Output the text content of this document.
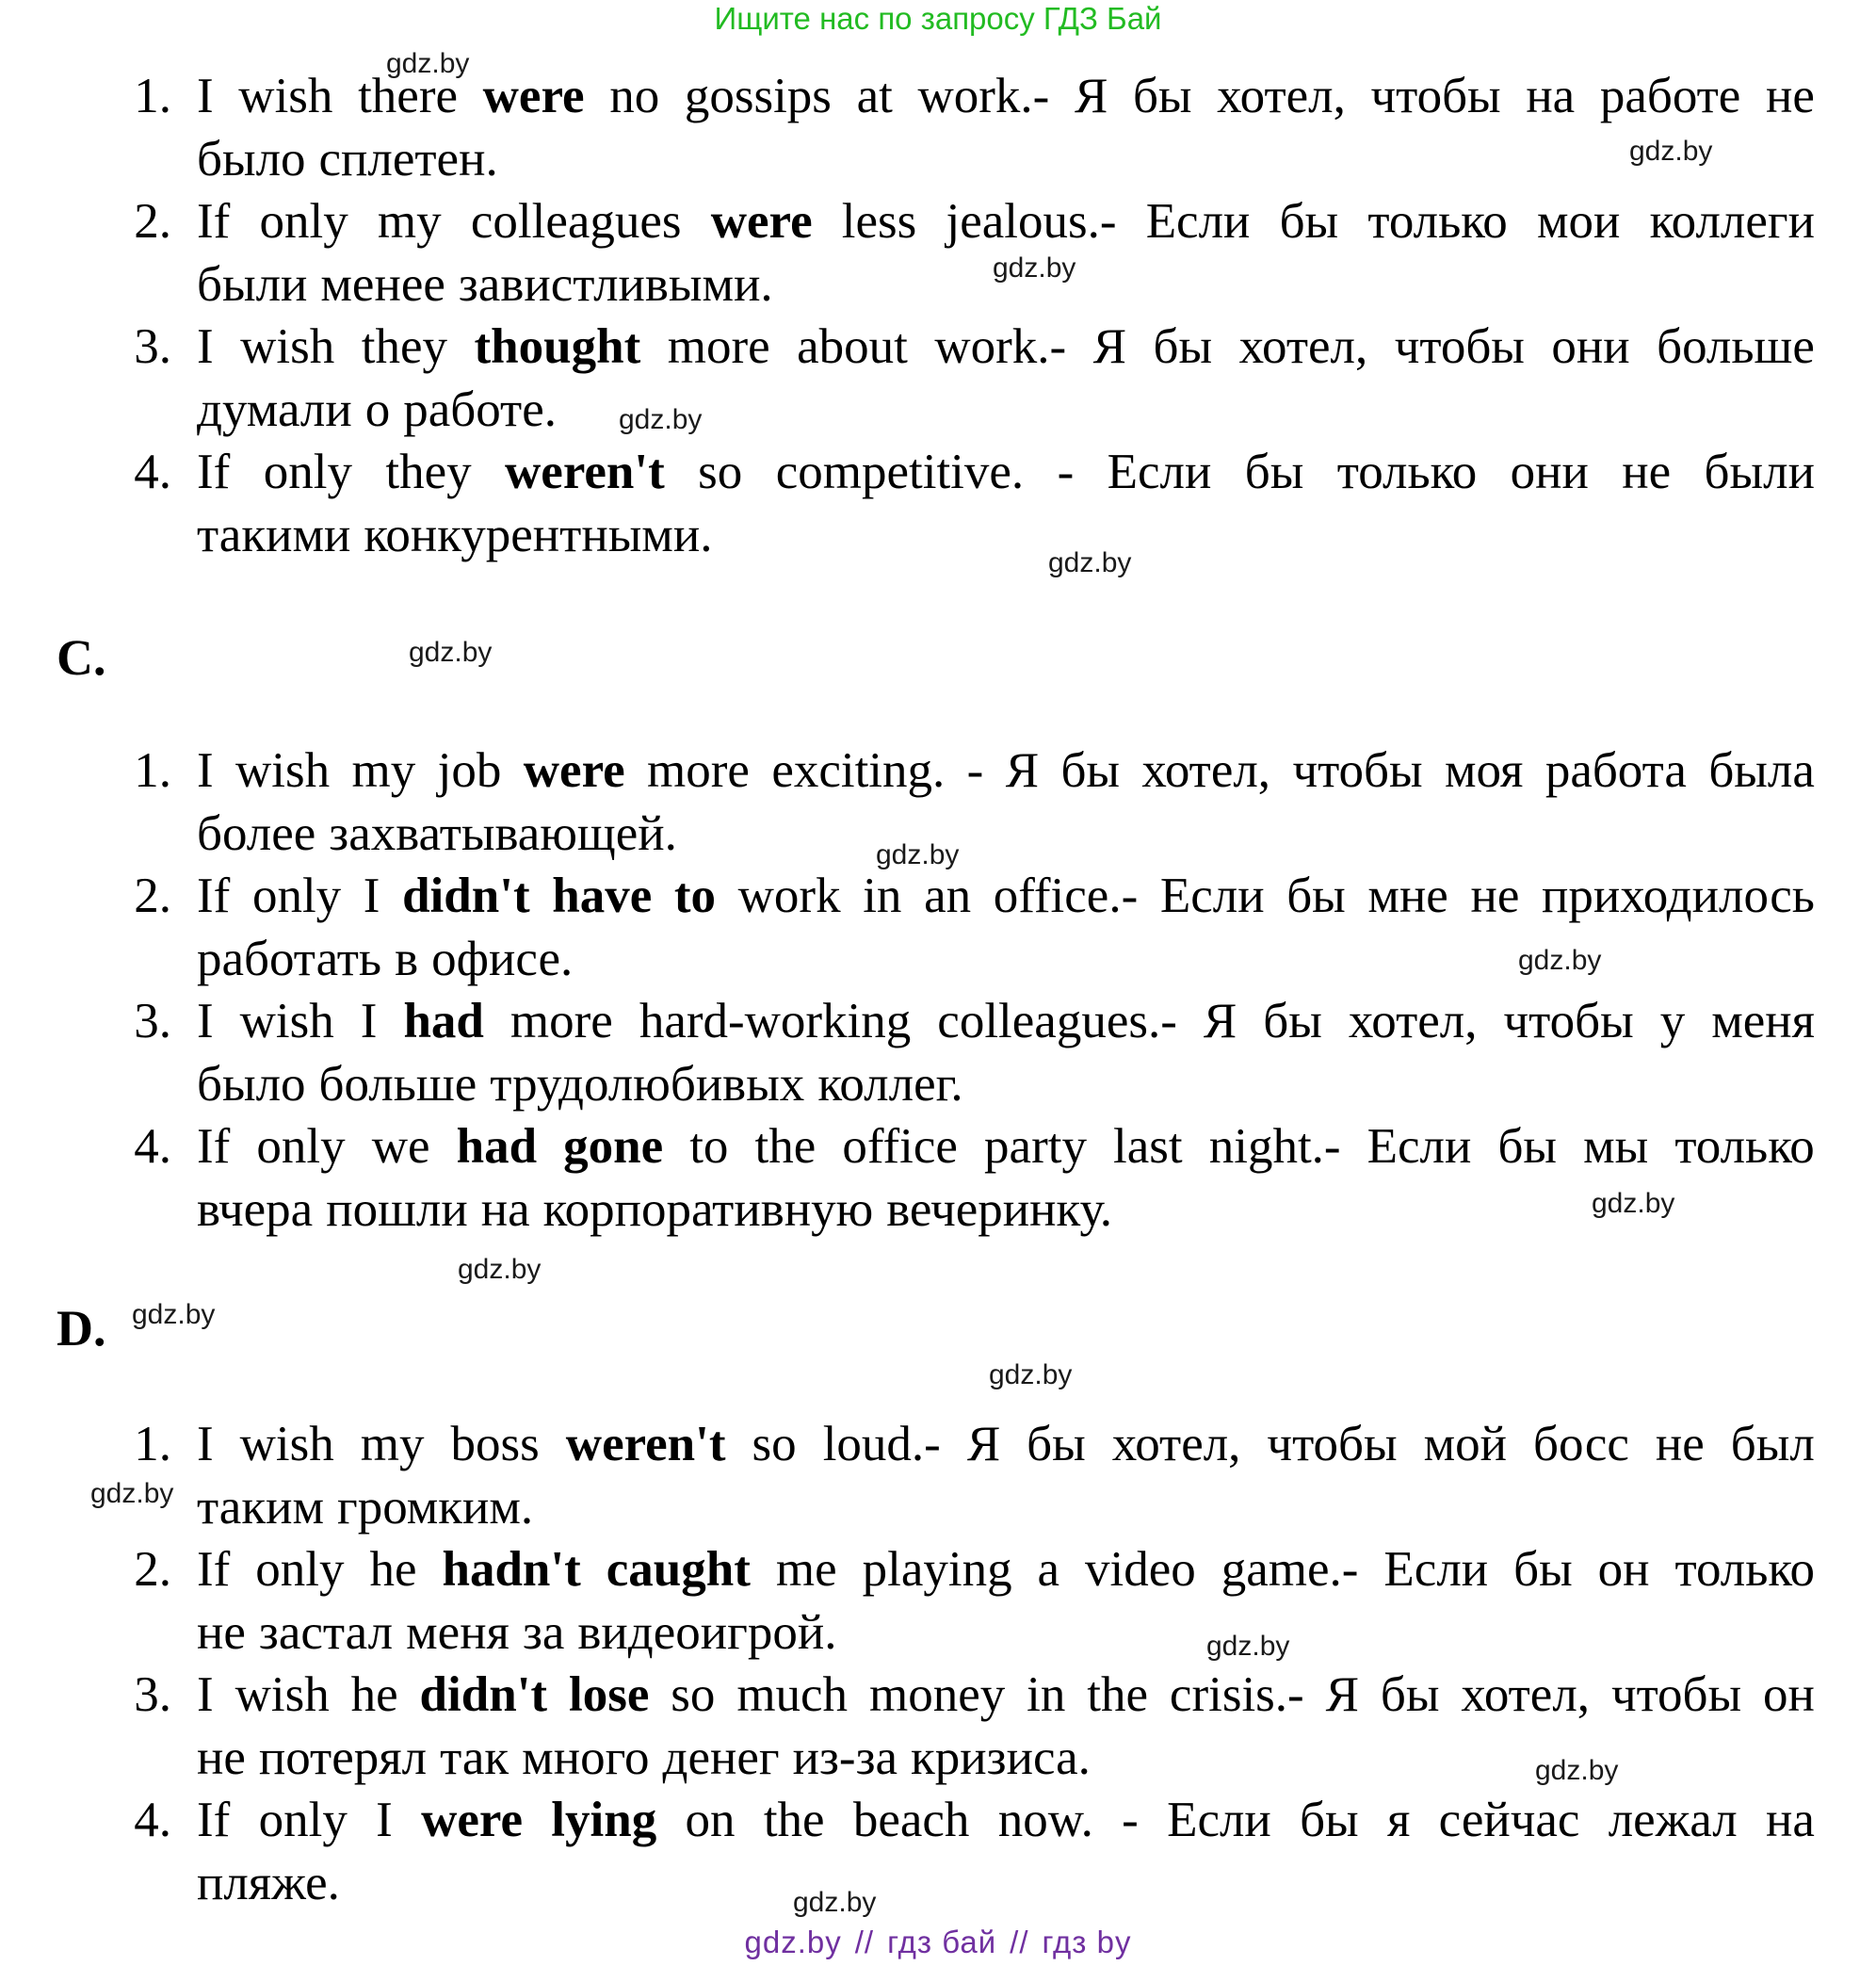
Ищите нас по запросу ГДЗ Бай
C.
D.
1. I wish there were no gossips at work.- Я бы хотел, чтобы на работе не
было сплетен.
2. If only my colleagues were less jealous.- Если бы только мои коллеги
были менее завистливыми.
3. I wish they thought more about work.- Я бы хотел, чтобы они больше
думали о работе.
4. If only they weren't so competitive. - Если бы только они не были
такими конкурентными.
1. I wish my job were more exciting. - Я бы хотел, чтобы моя работа была
более захватывающей.
2. If only I didn't have to work in an office.- Если бы мне не приходилось
работать в офисе.
3. I wish I had more hard-working colleagues.- Я бы хотел, чтобы у меня
было больше трудолюбивых коллег.
4. If only we had gone to the office party last night.- Если бы мы только
вчера пошли на корпоративную вечеринку.
1. I wish my boss weren't so loud.- Я бы хотел, чтобы мой босс не был
таким громким.
2. If only he hadn't caught me playing a video game.- Если бы он только
не застал меня за видеоигрой.
3. I wish he didn't lose so much money in the crisis.- Я бы хотел, чтобы он
не потерял так много денег из-за кризиса.
4. If only I were lying on the beach now. - Если бы я сейчас лежал на
пляже.
gdz.by
gdz.by
gdz.by
gdz.by
gdz.by
gdz.by
gdz.by
gdz.by
gdz.by
gdz.by
gdz.by
gdz.by
gdz.by
gdz.by
gdz.by
gdz.by
gdz.by // гдз бай // гдз by
